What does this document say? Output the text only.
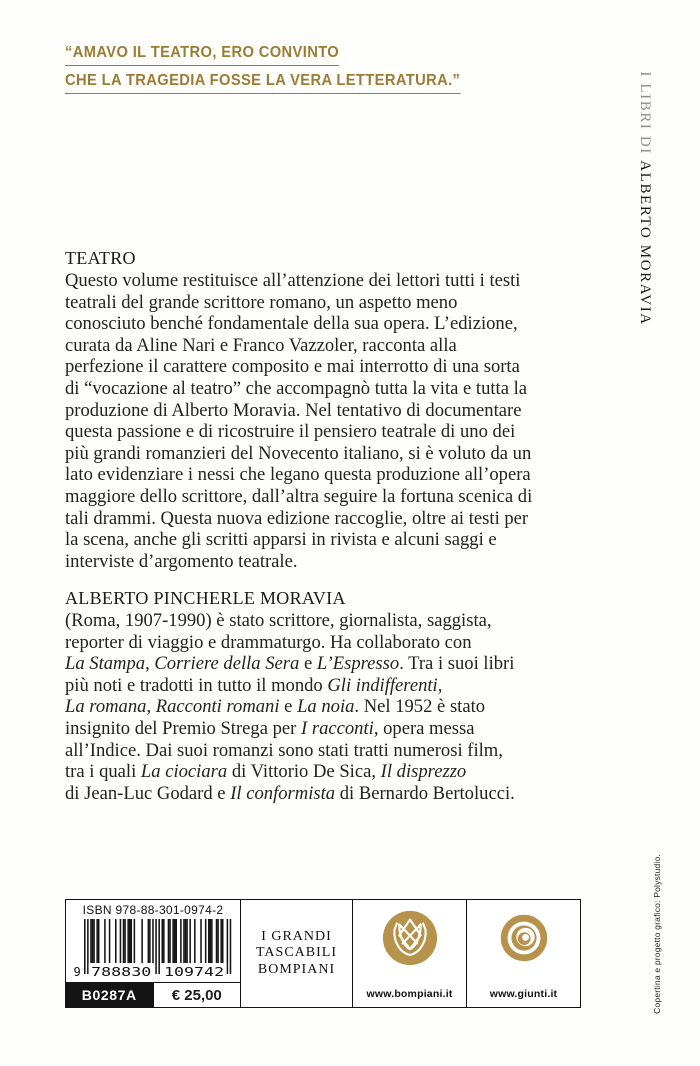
“AMAVO IL TEATRO, ERO CONVINTO
CHE LA TRAGEDIA FOSSE LA VERA LETTERATURA.”	I LIBRI DI ALBERTO MORAVIA

TEATRO
Questo volume restituisce all’attenzione dei lettori tutti i testi
teatrali del grande scrittore romano, un aspetto meno
conosciuto benché fondamentale della sua opera. L’edizione,
curata da Aline Nari e Franco Vazzoler, racconta alla
perfezione il carattere composito e mai interrotto di una sorta
di “vocazione al teatro” che accompagnò tutta la vita e tutta la
produzione di Alberto Moravia. Nel tentativo di documentare
questa passione e di ricostruire il pensiero teatrale di uno dei
più grandi romanzieri del Novecento italiano, si è voluto da un
lato evidenziare i nessi che legano questa produzione all’opera
maggiore dello scrittore, dall’altra seguire la fortuna scenica di
tali drammi. Questa nuova edizione raccoglie, oltre ai testi per
la scena, anche gli scritti apparsi in rivista e alcuni saggi e
interviste d’argomento teatrale.
ALBERTO PINCHERLE MORAVIA
(Roma, 1907-1990) è stato scrittore, giornalista, saggista,
reporter di viaggio e drammaturgo. Ha collaborato con
La Stampa, Corriere della Sera e L’Espresso. Tra i suoi libri
più noti e tradotti in tutto il mondo Gli indifferenti,
La romana, Racconti romani e La noia. Nel 1952 è stato
insignito del Premio Strega per I racconti, opera messa
all’Indice. Dai suoi romanzi sono stati tratti numerosi film,
tra i quali La ciociara di Vittorio De Sica, Il disprezzo
di Jean-Luc Godard e Il conformista di Bernardo Bertolucci.
ISBN 978-88-301-0974-2
9 788830 109742
B0287A	€ 25,00
I GRANDI
TASCABILI
BOMPIANI
www.bompiani.it	www.giunti.it	Copertina e progetto grafico: Polystudio.
